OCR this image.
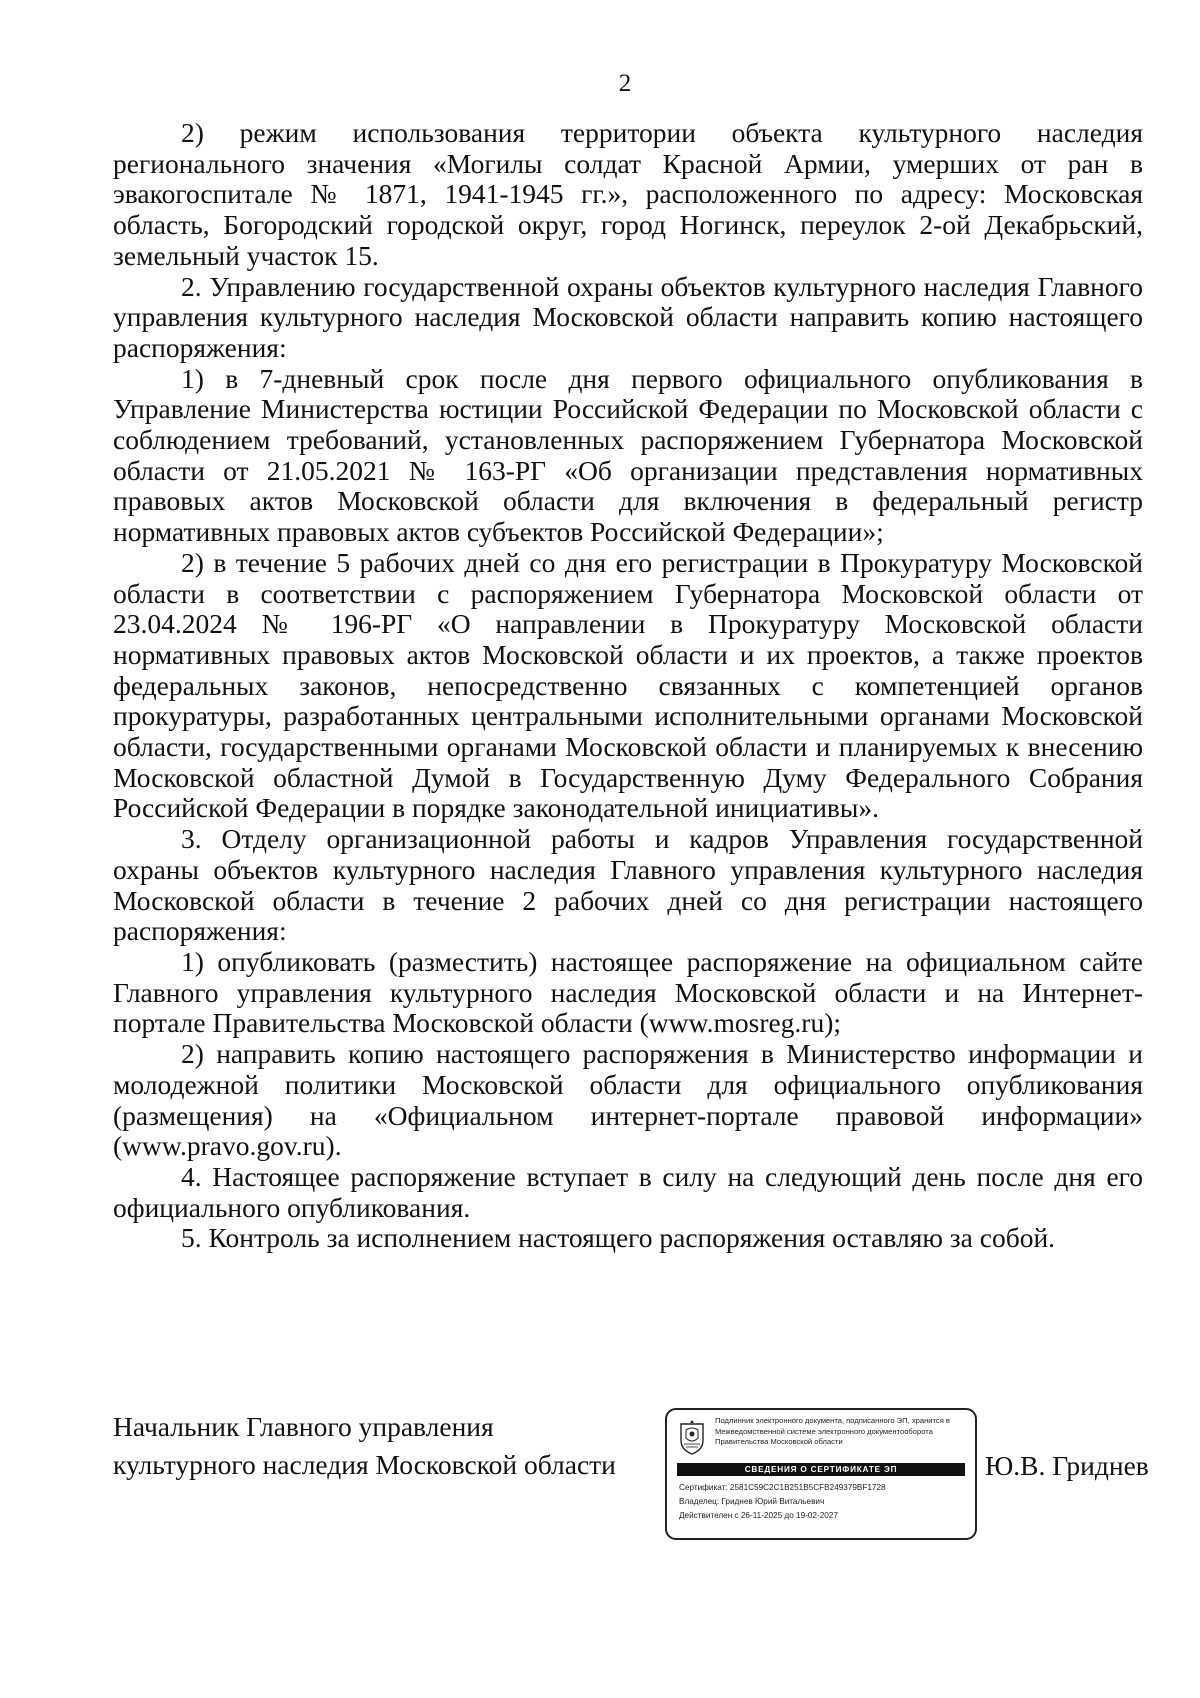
2

2) режим использования территории объекта культурного наследия регионального значения «Могилы солдат Красной Армии, умерших от ран в эвакогоспитале № 1871, 1941-1945 гг.», расположенного по адресу: Московская область, Богородский городской округ, город Ногинск, переулок 2-ой Декабрьский, земельный участок 15.

2. Управлению государственной охраны объектов культурного наследия Главного управления культурного наследия Московской области направить копию настоящего распоряжения:

1) в 7-дневный срок после дня первого официального опубликования в Управление Министерства юстиции Российской Федерации по Московской области с соблюдением требований, установленных распоряжением Губернатора Московской области от 21.05.2021 № 163-РГ «Об организации представления нормативных правовых актов Московской области для включения в федеральный регистр нормативных правовых актов субъектов Российской Федерации»;

2) в течение 5 рабочих дней со дня его регистрации в Прокуратуру Московской области в соответствии с распоряжением Губернатора Московской области от 23.04.2024 № 196-РГ «О направлении в Прокуратуру Московской области нормативных правовых актов Московской области и их проектов, а также проектов федеральных законов, непосредственно связанных с компетенцией органов прокуратуры, разработанных центральными исполнительными органами Московской области, государственными органами Московской области и планируемых к внесению Московской областной Думой в Государственную Думу Федерального Собрания Российской Федерации в порядке законодательной инициативы».

3. Отделу организационной работы и кадров Управления государственной охраны объектов культурного наследия Главного управления культурного наследия Московской области в течение 2 рабочих дней со дня регистрации настоящего распоряжения:

1) опубликовать (разместить) настоящее распоряжение на официальном сайте Главного управления культурного наследия Московской области и на Интернет-портале Правительства Московской области (www.mosreg.ru);

2) направить копию настоящего распоряжения в Министерство информации и молодежной политики Московской области для официального опубликования (размещения) на «Официальном интернет-портале правовой информации» (www.pravo.gov.ru).

4. Настоящее распоряжение вступает в силу на следующий день после дня его официального опубликования.

5. Контроль за исполнением настоящего распоряжения оставляю за собой.

Начальник Главного управления
культурного наследия Московской области
Подлинник электронного документа, подписанного ЭП, хранится в Межведомственной системе электронного документооборота Правительства Московской области
СВЕДЕНИЯ О СЕРТИФИКАТЕ ЭП
Сертификат: 2581C59C2C1B251B5CFB249379BF1728
Владелец: Гриднев Юрий Витальевич
Действителен с 26-11-2025 до 19-02-2027
Ю.В. Гриднев
